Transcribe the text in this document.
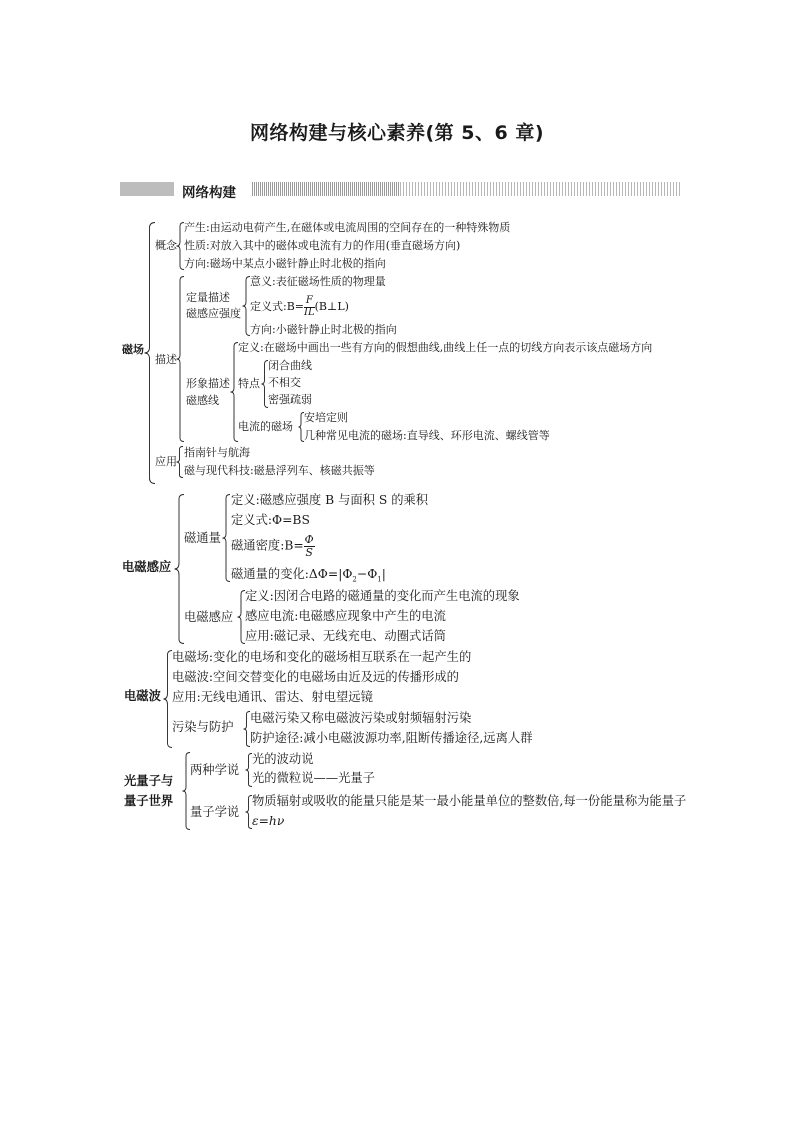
网络构建与核心素养(第 5、6 章)
网络构建
磁场
概念
产生:由运动电荷产生,在磁体或电流周围的空间存在的一种特殊物质
性质:对放入其中的磁体或电流有力的作用(垂直磁场方向)
方向:磁场中某点小磁针静止时北极的指向
描述
定量描述
磁感应强度
意义:表征磁场性质的物理量
定义式:B= $\frac{F}{IL}$ (B⊥L)
方向:小磁针静止时北极的指向
形象描述
磁感线
定义:在磁场中画出一些有方向的假想曲线,曲线上任一点的切线方向表示该点磁场方向
特点
闭合曲线
不相交
密强疏弱
电流的磁场
安培定则
几种常见电流的磁场:直导线、环形电流、螺线管等
应用
指南针与航海
磁与现代科技:磁悬浮列车、核磁共振等
电磁感应
磁通量
定义:磁感应强度 B 与面积 S 的乘积
定义式:Φ=BS
磁通密度:B= $\frac{\Phi}{S}$
磁通量的变化$:\Delta\Phi=|\Phi_2-\Phi_1|$
电磁感应
定义:因闭合电路的磁通量的变化而产生电流的现象
感应电流:电磁感应现象中产生的电流
应用:磁记录、无线充电、动圈式话筒
电磁波
电磁场:变化的电场和变化的磁场相互联系在一起产生的
电磁波:空间交替变化的电磁场由近及远的传播形成的
应用:无线电通讯、雷达、射电望远镜
污染与防护
电磁污染又称电磁波污染或射频辐射污染
防护途径:减小电磁波源功率,阻断传播途径,远离人群
光量子与
量子世界
两种学说
光的波动说
光的微粒说——光量子
量子学说
物质辐射或吸收的能量只能是某一最小能量单位的整数倍,每一份能量称为能量子
ε=hν
